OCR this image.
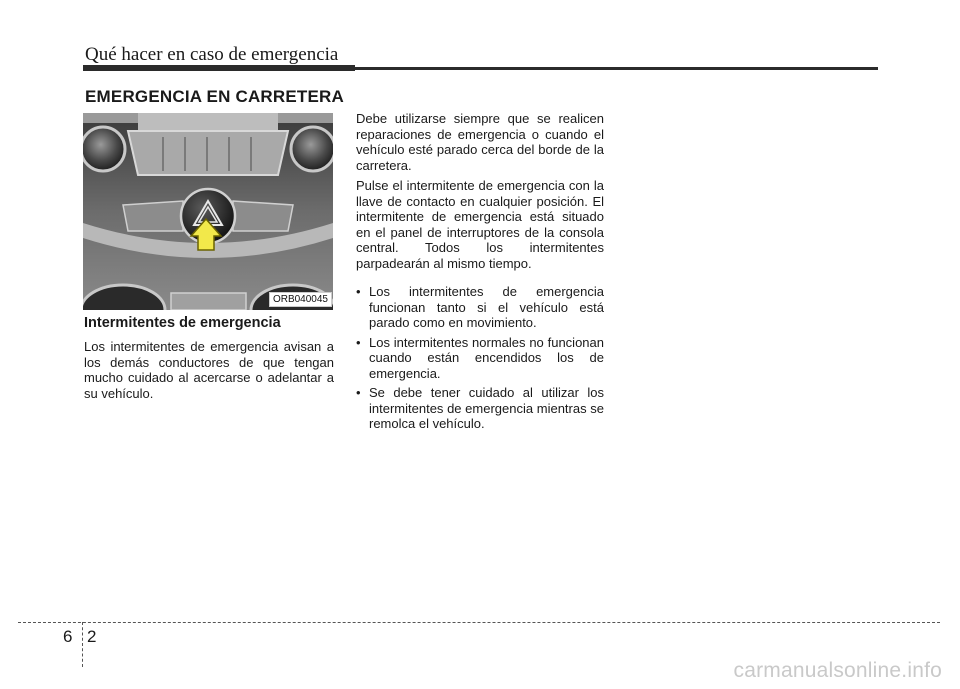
Qué hacer en caso de emergencia
EMERGENCIA EN CARRETERA
ORB040045
Intermitentes de emergencia

Los intermitentes de emergencia avisan a los demás conductores de que tengan mucho cuidado al acercarse o adelantar a su vehículo.

Debe utilizarse siempre que se realicen reparaciones de emergencia o cuando el vehículo esté parado cerca del borde de la carretera.

Pulse el intermitente de emergencia con la llave de contacto en cualquier posición. El intermitente de emergencia está situado en el panel de interruptores de la consola central. Todos los intermitentes parpadearán al mismo tiempo.

• Los intermitentes de emergencia funcionan tanto si el vehículo está parado como en movimiento.
• Los intermitentes normales no funcionan cuando están encendidos los de emergencia.
• Se debe tener cuidado al utilizar los intermitentes de emergencia mientras se remolca el vehículo.
6 2
carmanualsonline.info
